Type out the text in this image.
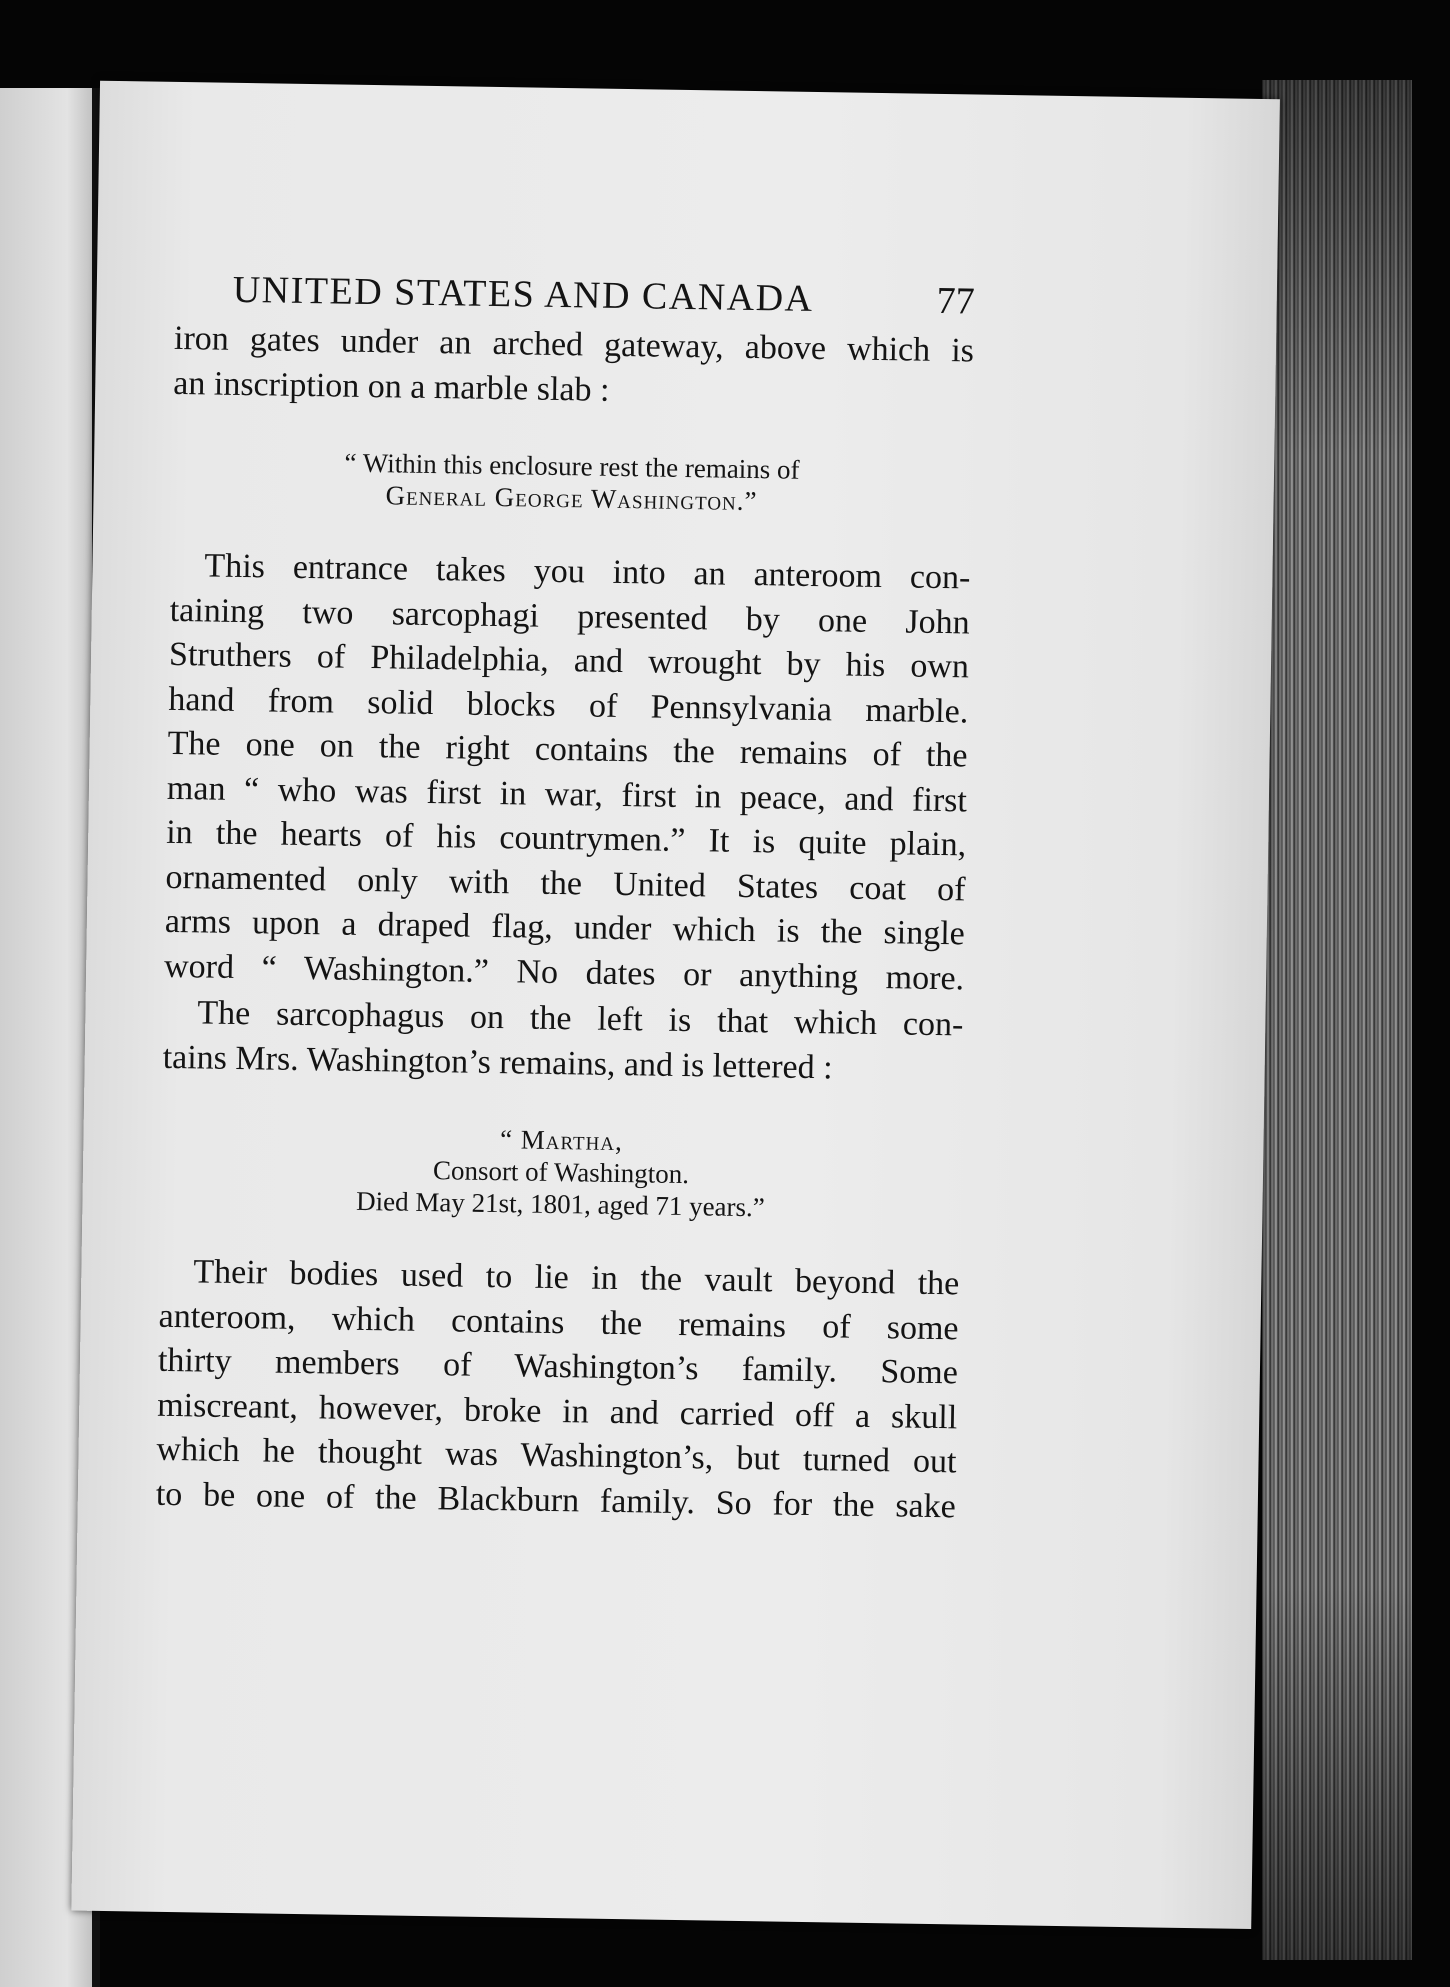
UNITED STATES AND CANADA	77
iron gates under an arched gateway, above which is
an inscription on a marble slab :
“ Within this enclosure rest the remains of
General George Washington.”
This entrance takes you into an anteroom con-
taining two sarcophagi presented by one John
Struthers of Philadelphia, and wrought by his own
hand from solid blocks of Pennsylvania marble.
The one on the right contains the remains of the
man “ who was first in war, first in peace, and first
in the hearts of his countrymen.” It is quite plain,
ornamented only with the United States coat of
arms upon a draped flag, under which is the single
word “ Washington.” No dates or anything more.
The sarcophagus on the left is that which con-
tains Mrs. Washington’s remains, and is lettered :
“ Martha,
Consort of Washington.
Died May 21st, 1801, aged 71 years.”
Their bodies used to lie in the vault beyond the
anteroom, which contains the remains of some
thirty members of Washington’s family. Some
miscreant, however, broke in and carried off a skull
which he thought was Washington’s, but turned out
to be one of the Blackburn family. So for the sake
